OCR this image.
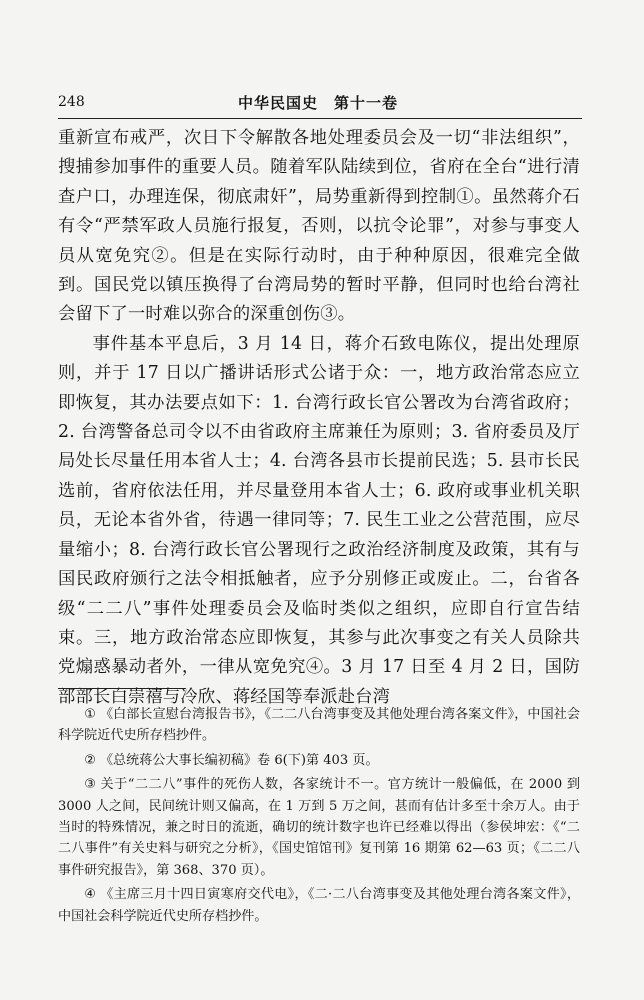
248	中华民国史　第十一卷

重新宣布戒严，次日下令解散各地处理委员会及一切“非法组织”，搜捕参加事件的重要人员。随着军队陆续到位，省府在全台“进行清查户口，办理连保，彻底肃奸”，局势重新得到控制①。虽然蒋介石有令“严禁军政人员施行报复，否则，以抗令论罪”，对参与事变人员从宽免究②。但是在实际行动时，由于种种原因，很难完全做到。国民党以镇压换得了台湾局势的暂时平静，但同时也给台湾社会留下了一时难以弥合的深重创伤③。

事件基本平息后，3 月 14 日，蒋介石致电陈仪，提出处理原则，并于 17 日以广播讲话形式公诸于众：一，地方政治常态应立即恢复，其办法要点如下：1. 台湾行政长官公署改为台湾省政府；2. 台湾警备总司令以不由省政府主席兼任为原则；3. 省府委员及厅局处长尽量任用本省人士；4. 台湾各县市长提前民选；5. 县市长民选前，省府依法任用，并尽量登用本省人士；6. 政府或事业机关职员，无论本省外省，待遇一律同等；7. 民生工业之公营范围，应尽量缩小；8. 台湾行政长官公署现行之政治经济制度及政策，其有与国民政府颁行之法令相抵触者，应予分别修正或废止。二，台省各级“二二八”事件处理委员会及临时类似之组织，应即自行宣告结束。三，地方政治常态应即恢复，其参与此次事变之有关人员除共党煽惑暴动者外，一律从宽免究④。3 月 17 日至 4 月 2 日，国防部部长白崇禧与冷欣、蒋经国等奉派赴台湾

① 《白部长宣慰台湾报告书》，《二二八台湾事变及其他处理台湾各案文件》，中国社会科学院近代史所存档抄件。

② 《总统蒋公大事长编初稿》卷 6(下)第 403 页。

③ 关于“二二八”事件的死伤人数，各家统计不一。官方统计一般偏低，在 2000 到 3000 人之间，民间统计则又偏高，在 1 万到 5 万之间，甚而有估计多至十余万人。由于当时的特殊情况，兼之时日的流逝，确切的统计数字也许已经难以得出（参侯坤宏：《“二二八事件”有关史料与研究之分析》，《国史馆馆刊》复刊第 16 期第 62—63 页；《二二八事件研究报告》，第 368、370 页）。

④ 《主席三月十四日寅寒府交代电》，《二·二八台湾事变及其他处理台湾各案文件》，中国社会科学院近代史所存档抄件。
